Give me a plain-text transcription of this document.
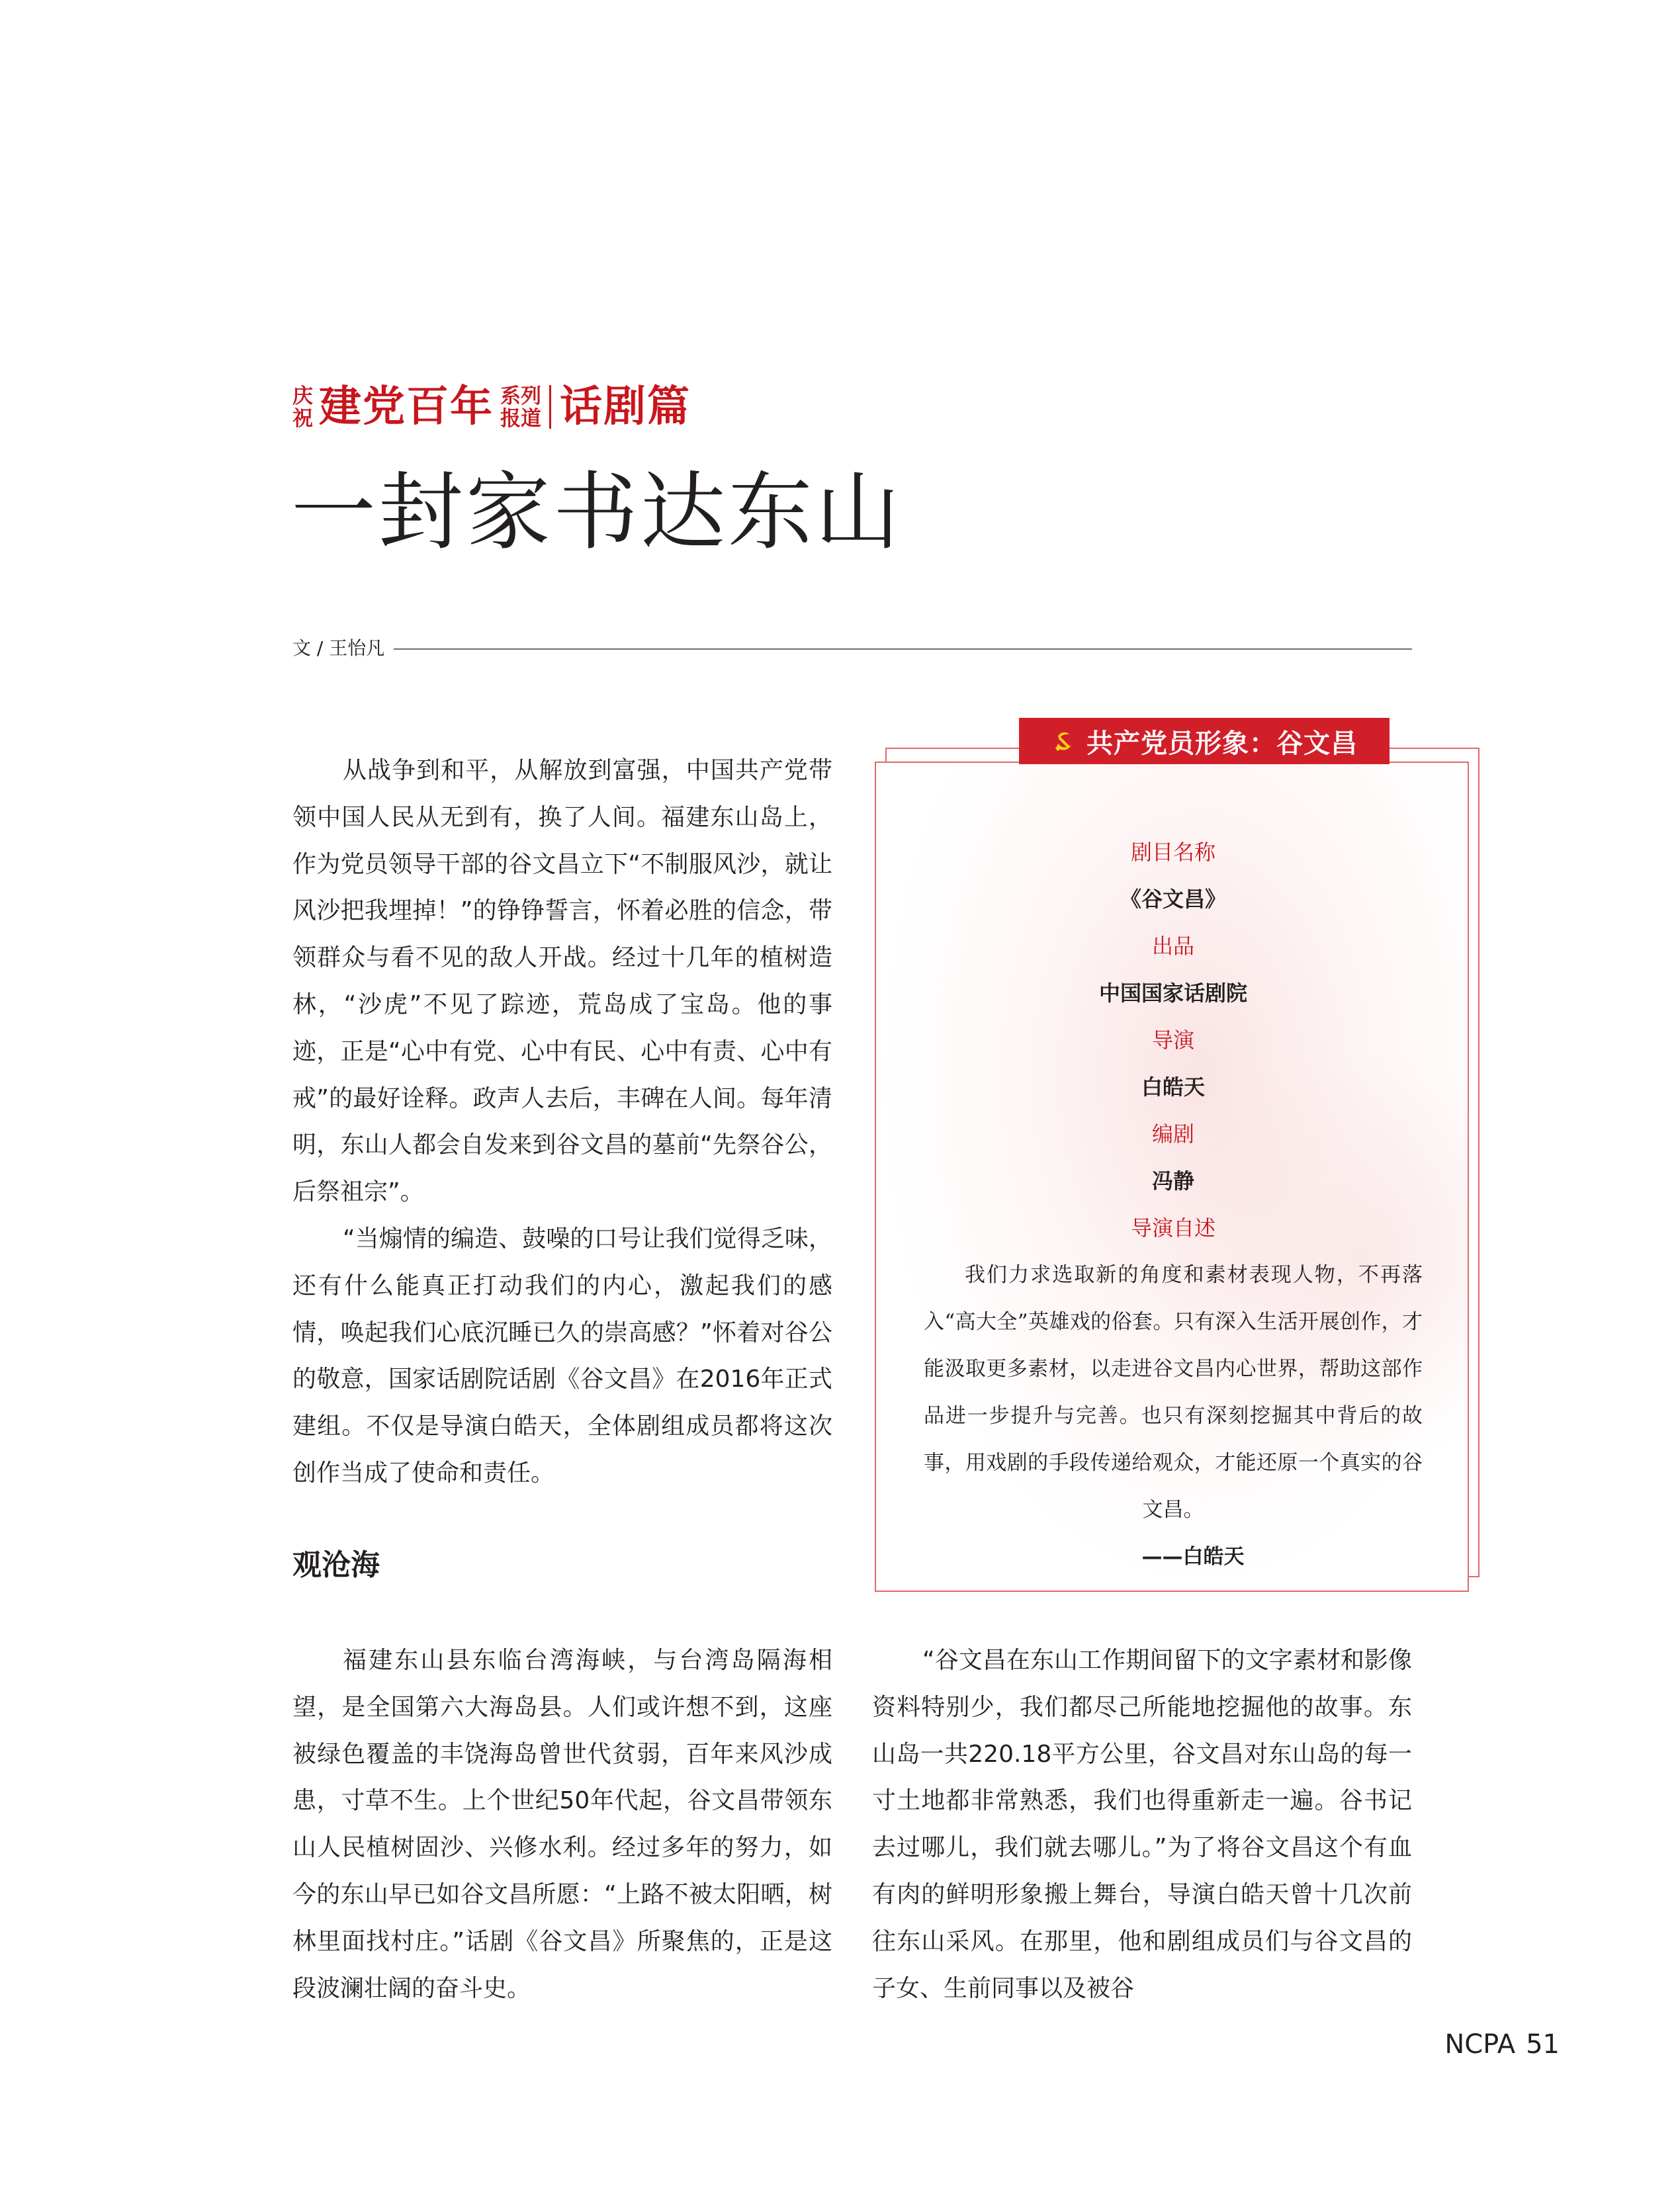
庆
祝 建党百年 系列
报道 话剧篇
一封家书达东山
文 / 王怡凡

从战争到和平，从解放到富强，中国共产党带领中国人民从无到有，换了人间。福建东山岛上，作为党员领导干部的谷文昌立下“不制服风沙，就让风沙把我埋掉！”的铮铮誓言，怀着必胜的信念，带领群众与看不见的敌人开战。经过十几年的植树造林，“沙虎”不见了踪迹，荒岛成了宝岛。他的事迹，正是“心中有党、心中有民、心中有责、心中有戒”的最好诠释。政声人去后，丰碑在人间。每年清明，东山人都会自发来到谷文昌的墓前“先祭谷公，后祭祖宗”。

“当煽情的编造、鼓噪的口号让我们觉得乏味，还有什么能真正打动我们的内心，激起我们的感情，唤起我们心底沉睡已久的崇高感？”怀着对谷公的敬意，国家话剧院话剧《谷文昌》在2016年正式建组。不仅是导演白皓天，全体剧组成员都将这次创作当成了使命和责任。

观沧海

福建东山县东临台湾海峡，与台湾岛隔海相望，是全国第六大海岛县。人们或许想不到，这座被绿色覆盖的丰饶海岛曾世代贫弱，百年来风沙成患，寸草不生。上个世纪50年代起，谷文昌带领东山人民植树固沙、兴修水利。经过多年的努力，如今的东山早已如谷文昌所愿：“上路不被太阳晒，树林里面找村庄。”话剧《谷文昌》所聚焦的，正是这段波澜壮阔的奋斗史。

“谷文昌在东山工作期间留下的文字素材和影像资料特别少，我们都尽己所能地挖掘他的故事。东山岛一共220.18平方公里，谷文昌对东山岛的每一寸土地都非常熟悉，我们也得重新走一遍。谷书记去过哪儿，我们就去哪儿。”为了将谷文昌这个有血有肉的鲜明形象搬上舞台，导演白皓天曾十几次前往东山采风。在那里，他和剧组成员们与谷文昌的子女、生前同事以及被谷

剧目名称

《谷文昌》

出品

中国国家话剧院

导演

白皓天

编剧

冯静

导演自述

我们力求选取新的角度和素材表现人物，不再落入“高大全”英雄戏的俗套。只有深入生活开展创作，才能汲取更多素材，以走进谷文昌内心世界，帮助这部作品进一步提升与完善。也只有深刻挖掘其中背后的故事，用戏剧的手段传递给观众，才能还原一个真实的谷文昌。

——白皓天

共产党员形象：谷文昌
NCPA 51
